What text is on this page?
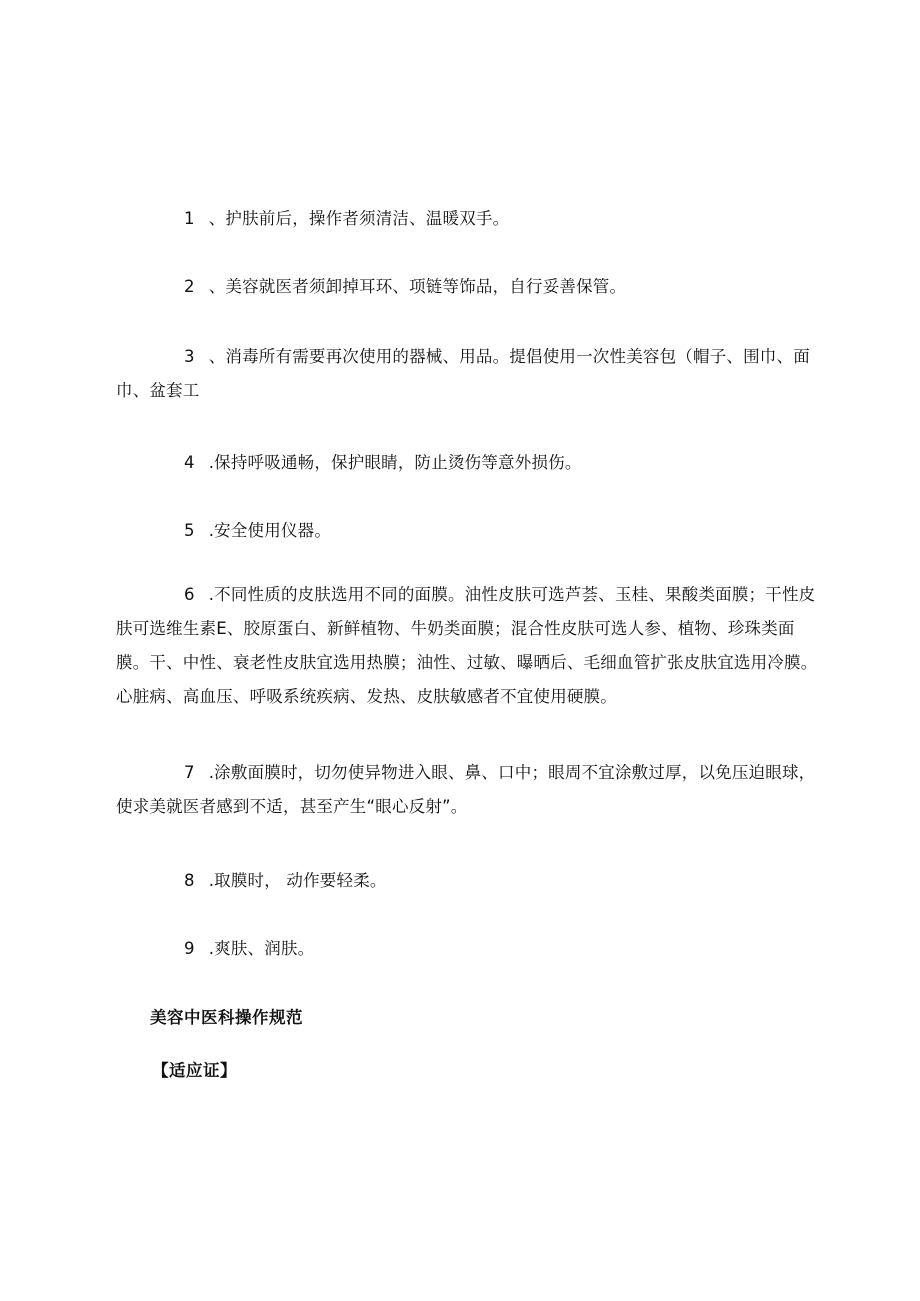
1 、护肤前后，操作者须清洁、温暖双手。

2 、美容就医者须卸掉耳环、项链等饰品，自行妥善保管。

3 、消毒所有需要再次使用的器械、用品。提倡使用一次性美容包（帽子、围巾、面巾、盆套工

4 .保持呼吸通畅，保护眼睛，防止烫伤等意外损伤。

5 .安全使用仪器。

6 .不同性质的皮肤选用不同的面膜。油性皮肤可选芦荟、玉桂、果酸类面膜；干性皮肤可选维生素E、胶原蛋白、新鲜植物、牛奶类面膜；混合性皮肤可选人参、植物、珍珠类面膜。干、中性、衰老性皮肤宜选用热膜；油性、过敏、曝晒后、毛细血管扩张皮肤宜选用冷膜。心脏病、高血压、呼吸系统疾病、发热、皮肤敏感者不宜使用硬膜。

7 .涂敷面膜时，切勿使异物进入眼、鼻、口中；眼周不宜涂敷过厚，以免压迫眼球，使求美就医者感到不适，甚至产生“眼心反射”。

8 .取膜时， 动作要轻柔。

9 .爽肤、润肤。

美容中医科操作规范
【适应证】
